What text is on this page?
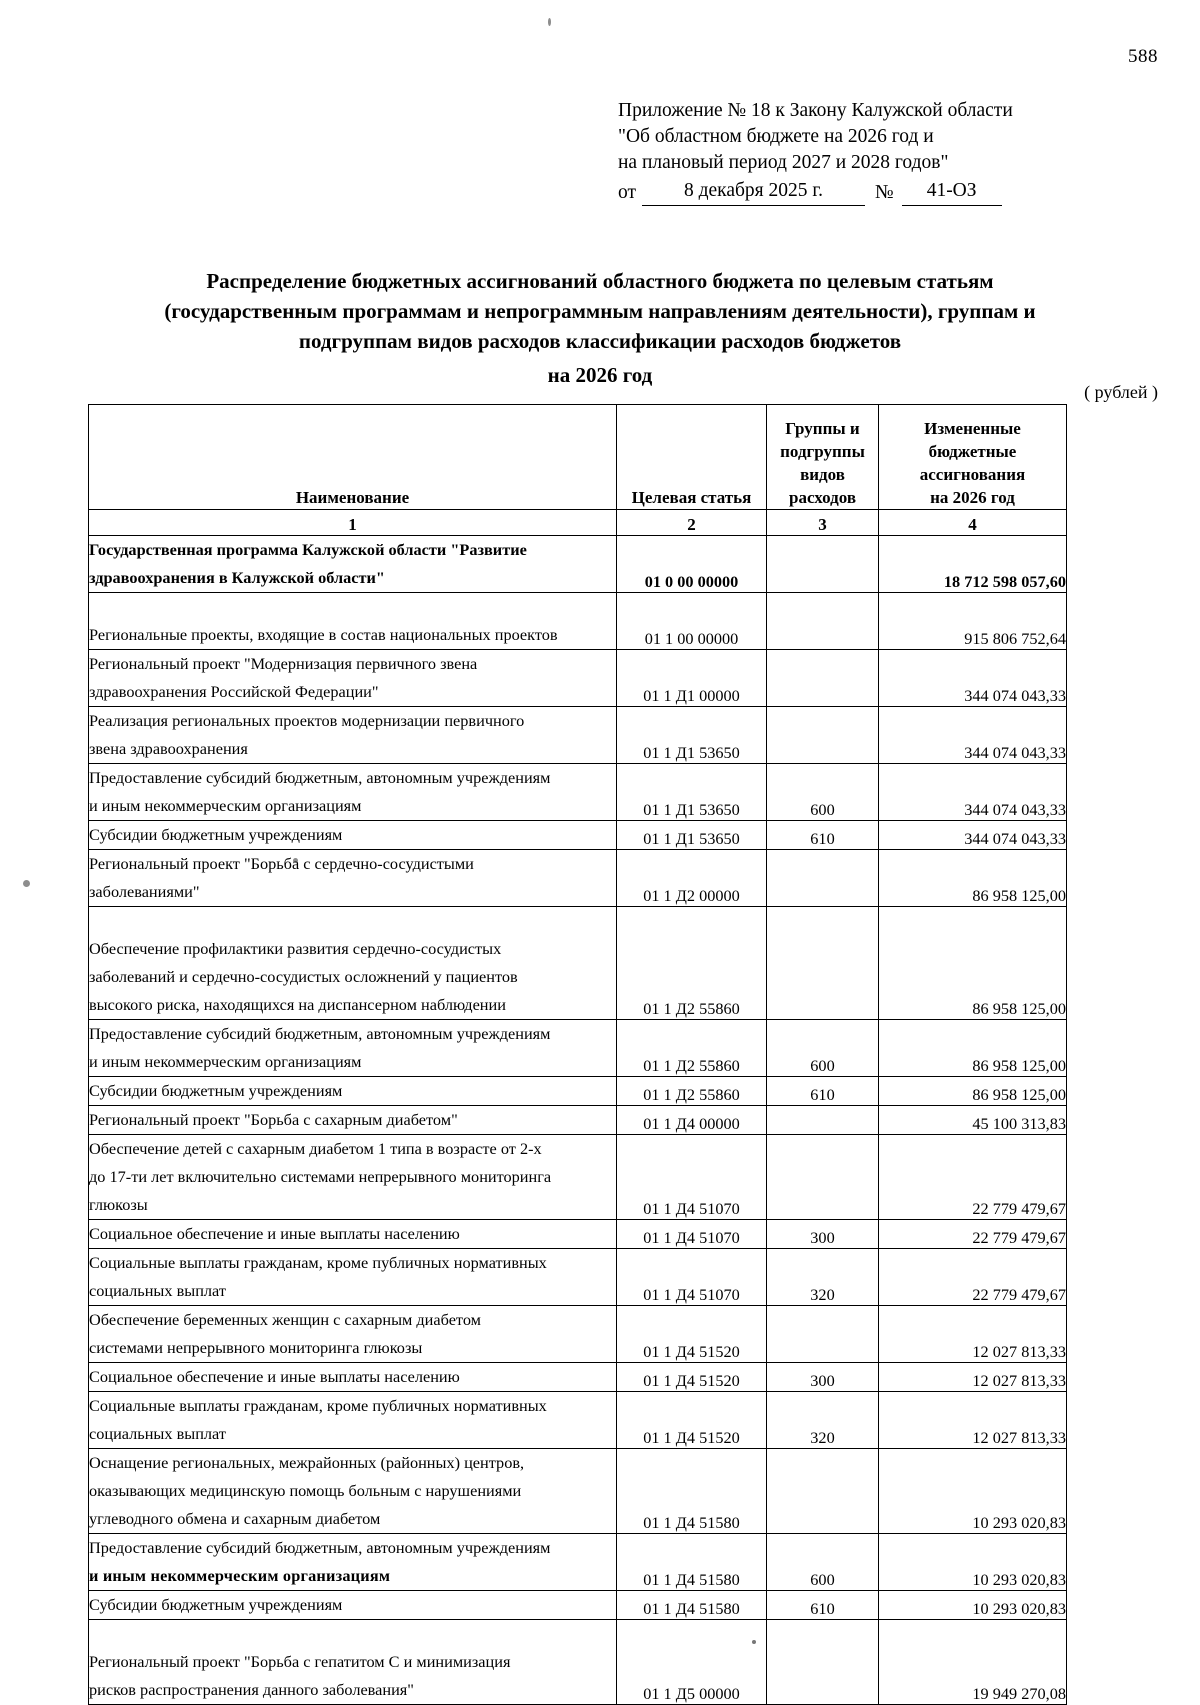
588
Приложение № 18 к Закону Калужской области
"Об областном бюджете на 2026 год и
на плановый период 2027 и 2028 годов"
от	8 декабря 2025 г.	№	41-ОЗ
Распределение бюджетных ассигнований областного бюджета по целевым статьям
(государственным программам и непрограммным направлениям деятельности), группам и
подгруппам видов расходов классификации расходов бюджетов
на 2026 год
( рублей )
Наименование	Целевая статья	Группы и
подгруппы
видов
расходов	Измененные
бюджетные
ассигнования
на 2026 год

1	2	3	4

Государственная программа Калужской области "Развитие
здравоохранения в Калужской области"	01 0 00 00000		18 712 598 057,60

Региональные проекты, входящие в состав национальных проектов	01 1 00 00000		915 806 752,64

Региональный проект "Модернизация первичного звена
здравоохранения Российской Федерации"	01 1 Д1 00000		344 074 043,33

Реализация региональных проектов модернизации первичного
звена здравоохранения	01 1 Д1 53650		344 074 043,33

Предоставление субсидий бюджетным, автономным учреждениям
и иным некоммерческим организациям	01 1 Д1 53650	600	344 074 043,33

Субсидии бюджетным учреждениям	01 1 Д1 53650	610	344 074 043,33

Региональный проект "Борьба с сердечно-сосудистыми
заболеваниями"	01 1 Д2 00000		86 958 125,00

Обеспечение профилактики развития сердечно-сосудистых
заболеваний и сердечно-сосудистых осложнений у пациентов
высокого риска, находящихся на диспансерном наблюдении	01 1 Д2 55860		86 958 125,00

Предоставление субсидий бюджетным, автономным учреждениям
и иным некоммерческим организациям	01 1 Д2 55860	600	86 958 125,00

Субсидии бюджетным учреждениям	01 1 Д2 55860	610	86 958 125,00

Региональный проект "Борьба с сахарным диабетом"	01 1 Д4 00000		45 100 313,83

Обеспечение детей с сахарным диабетом 1 типа в возрасте от 2-х
до 17-ти лет включительно системами непрерывного мониторинга
глюкозы	01 1 Д4 51070		22 779 479,67

Социальное обеспечение и иные выплаты населению	01 1 Д4 51070	300	22 779 479,67

Социальные выплаты гражданам, кроме публичных нормативных
социальных выплат	01 1 Д4 51070	320	22 779 479,67

Обеспечение беременных женщин с сахарным диабетом
системами непрерывного мониторинга глюкозы	01 1 Д4 51520		12 027 813,33

Социальное обеспечение и иные выплаты населению	01 1 Д4 51520	300	12 027 813,33

Социальные выплаты гражданам, кроме публичных нормативных
социальных выплат	01 1 Д4 51520	320	12 027 813,33

Оснащение региональных, межрайонных (районных) центров,
оказывающих медицинскую помощь больным с нарушениями
углеводного обмена и сахарным диабетом	01 1 Д4 51580		10 293 020,83

Предоставление субсидий бюджетным, автономным учреждениям
и иным некоммерческим организациям	01 1 Д4 51580	600	10 293 020,83

Субсидии бюджетным учреждениям	01 1 Д4 51580	610	10 293 020,83

Региональный проект "Борьба с гепатитом С и минимизация
рисков распространения данного заболевания"	01 1 Д5 00000		19 949 270,08
